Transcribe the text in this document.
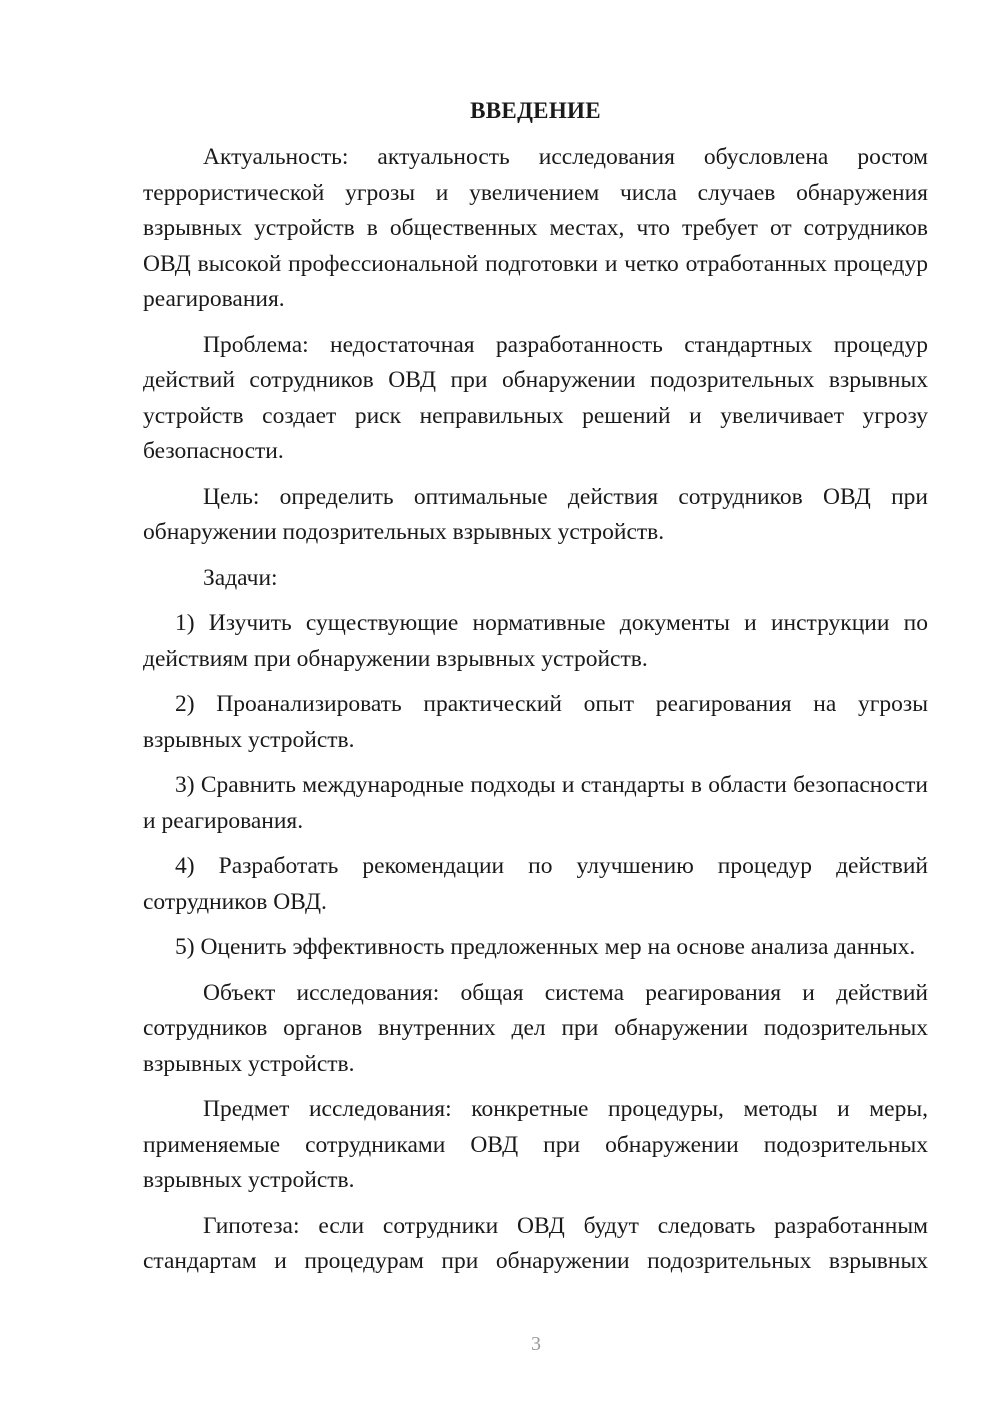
ВВЕДЕНИЕ

Актуальность: актуальность исследования обусловлена ростом террористической угрозы и увеличением числа случаев обнаружения взрывных устройств в общественных местах, что требует от сотрудников ОВД высокой профессиональной подготовки и четко отработанных процедур реагирования.

Проблема: недостаточная разработанность стандартных процедур действий сотрудников ОВД при обнаружении подозрительных взрывных устройств создает риск неправильных решений и увеличивает угрозу безопасности.

Цель: определить оптимальные действия сотрудников ОВД при обнаружении подозрительных взрывных устройств.

Задачи:

1) Изучить существующие нормативные документы и инструкции по действиям при обнаружении взрывных устройств.

2) Проанализировать практический опыт реагирования на угрозы взрывных устройств.

3) Сравнить международные подходы и стандарты в области безопасности и реагирования.

4) Разработать рекомендации по улучшению процедур действий сотрудников ОВД.

5) Оценить эффективность предложенных мер на основе анализа данных.

Объект исследования: общая система реагирования и действий сотрудников органов внутренних дел при обнаружении подозрительных взрывных устройств.

Предмет исследования: конкретные процедуры, методы и меры, применяемые сотрудниками ОВД при обнаружении подозрительных взрывных устройств.

Гипотеза: если сотрудники ОВД будут следовать разработанным стандартам и процедурам при обнаружении подозрительных взрывных

3
